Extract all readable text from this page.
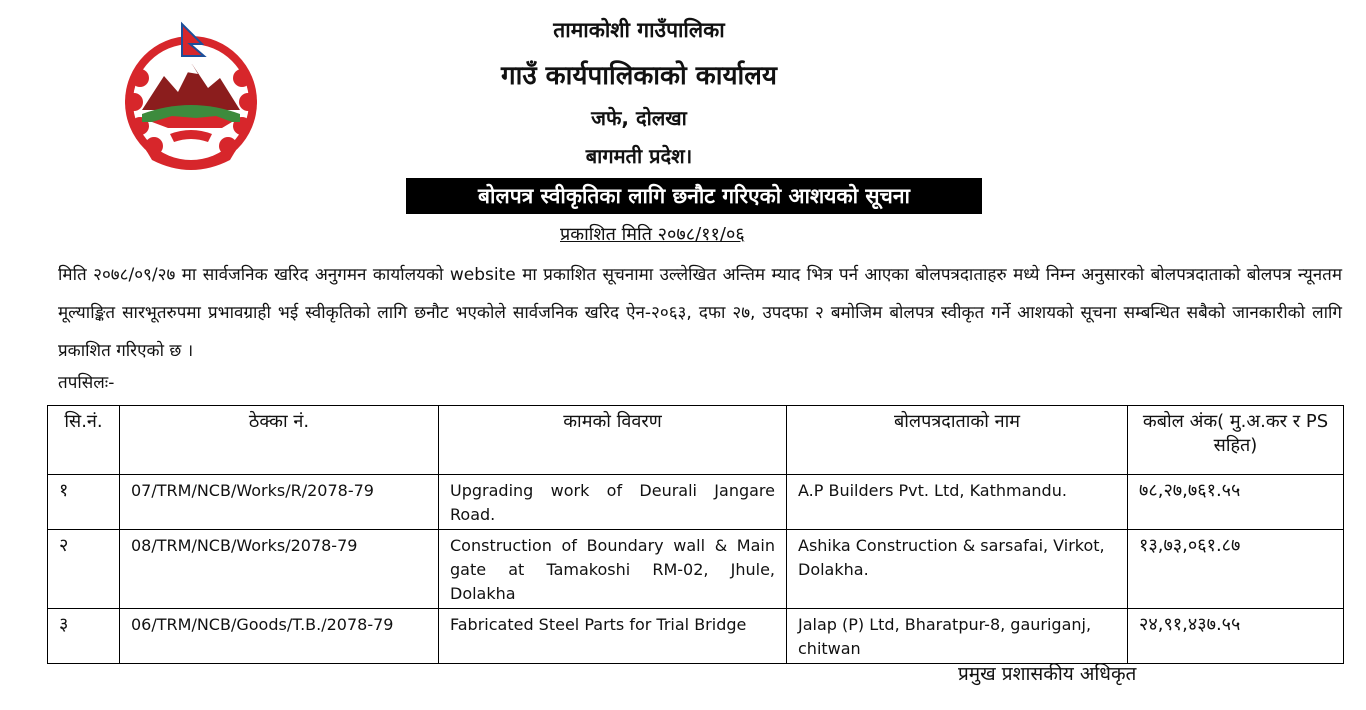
तामाकोशी गाउँपालिका
गाउँ कार्यपालिकाको कार्यालय
जफे, दोलखा
बागमती प्रदेश।
बोलपत्र स्वीकृतिका लागि छनौट गरिएको आशयको सूचना
प्रकाशित मिति २०७८/११/०६
मिति २०७८/०९/२७ मा सार्वजनिक खरिद अनुगमन कार्यालयको website मा प्रकाशित सूचनामा उल्लेखित अन्तिम म्याद भित्र पर्न आएका बोलपत्रदाताहरु मध्ये निम्न अनुसारको बोलपत्रदाताको बोलपत्र न्यूनतम मूल्याङ्कित सारभूतरुपमा प्रभावग्राही भई स्वीकृतिको लागि छनौट भएकोले सार्वजनिक खरिद ऐन-२०६३, दफा २७, उपदफा २ बमोजिम बोलपत्र स्वीकृत गर्ने आशयको सूचना सम्बन्धित सबैको जानकारीको लागि प्रकाशित गरिएको छ ।
तपसिलः-
सि.नं.	ठेक्का नं.	कामको विवरण	बोलपत्रदाताको नाम	कबोल अंक( मु.अ.कर र PS सहित)
१	07/TRM/NCB/Works/R/2078-79	Upgrading work of Deurali Jangare Road.	A.P Builders Pvt. Ltd, Kathmandu.	७८,२७,७६१.५५
२	08/TRM/NCB/Works/2078-79	Construction of Boundary wall & Main gate at Tamakoshi RM-02, Jhule, Dolakha	Ashika Construction & sarsafai, Virkot, Dolakha.	१३,७३,०६१.८७
३	06/TRM/NCB/Goods/T.B./2078-79	Fabricated Steel Parts for Trial Bridge	Jalap (P) Ltd, Bharatpur-8, gauriganj, chitwan	२४,९१,४३७.५५
प्रमुख प्रशासकीय अधिकृत
